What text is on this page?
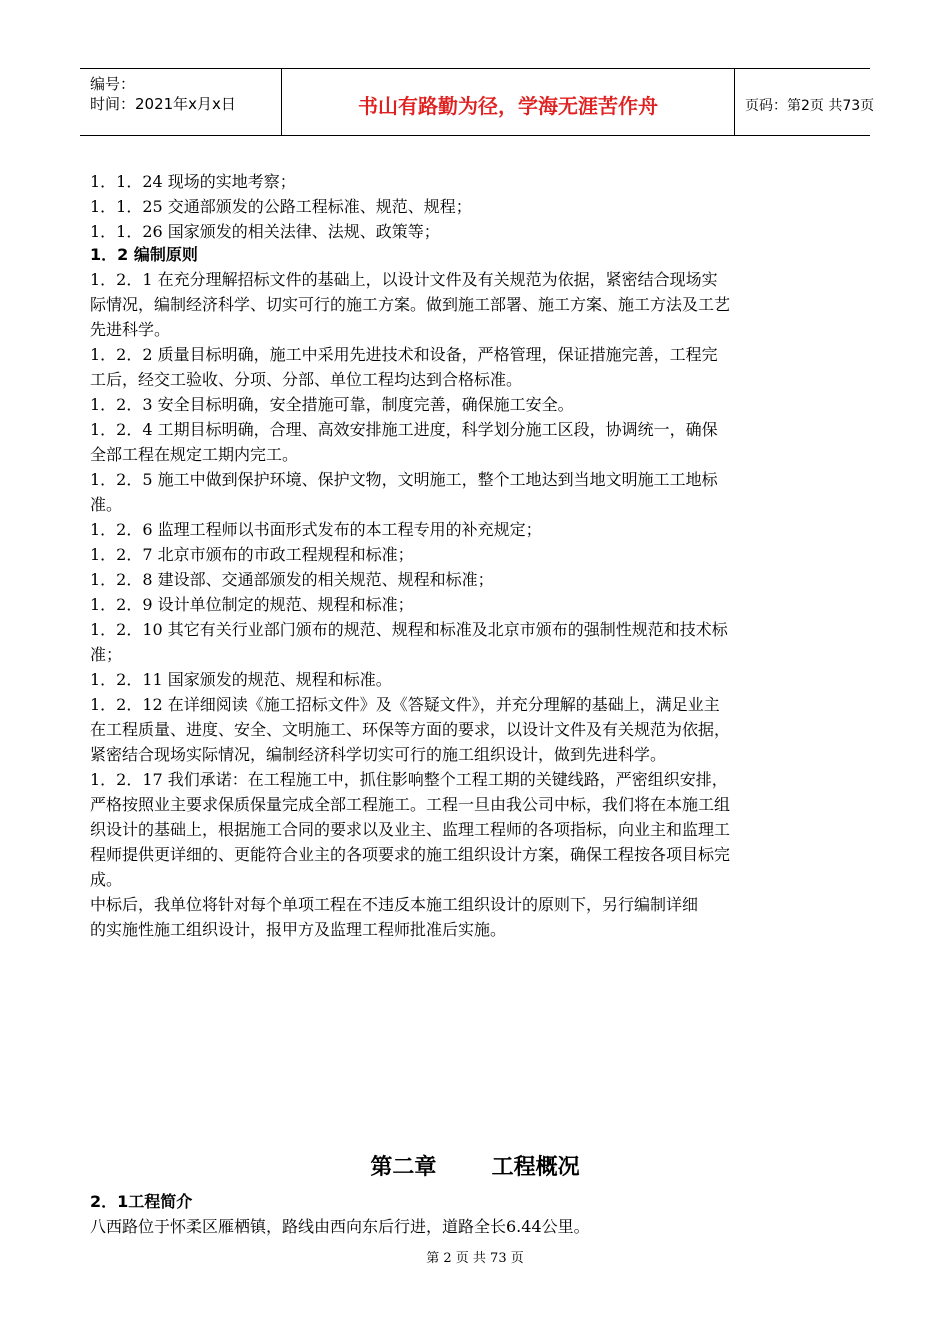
编号：
时间：2021年x月x日	书山有路勤为径，学海无涯苦作舟	页码：第2页 共73页
1．1．24 现场的实地考察；
1．1．25 交通部颁发的公路工程标准、规范、规程；
1．1．26 国家颁发的相关法律、法规、政策等；
1．2 编制原则
1．2．1 在充分理解招标文件的基础上，以设计文件及有关规范为依据，紧密结合现场实
际情况，编制经济科学、切实可行的施工方案。做到施工部署、施工方案、施工方法及工艺
先进科学。
1．2．2 质量目标明确，施工中采用先进技术和设备，严格管理，保证措施完善，工程完
工后，经交工验收、分项、分部、单位工程均达到合格标准。
1．2．3 安全目标明确，安全措施可靠，制度完善，确保施工安全。
1．2．4 工期目标明确，合理、高效安排施工进度，科学划分施工区段，协调统一，确保
全部工程在规定工期内完工。
1．2．5 施工中做到保护环境、保护文物，文明施工，整个工地达到当地文明施工工地标
准。
1．2．6 监理工程师以书面形式发布的本工程专用的补充规定；
1．2．7 北京市颁布的市政工程规程和标准；
1．2．8 建设部、交通部颁发的相关规范、规程和标准；
1．2．9 设计单位制定的规范、规程和标准；
1．2．10 其它有关行业部门颁布的规范、规程和标准及北京市颁布的强制性规范和技术标
准；
1．2．11 国家颁发的规范、规程和标准。
1．2．12 在详细阅读《施工招标文件》及《答疑文件》，并充分理解的基础上，满足业主
在工程质量、进度、安全、文明施工、环保等方面的要求，以设计文件及有关规范为依据，
紧密结合现场实际情况，编制经济科学切实可行的施工组织设计，做到先进科学。
1．2．17 我们承诺：在工程施工中，抓住影响整个工程工期的关键线路，严密组织安排，
严格按照业主要求保质保量完成全部工程施工。工程一旦由我公司中标，我们将在本施工组
织设计的基础上，根据施工合同的要求以及业主、监理工程师的各项指标，向业主和监理工
程师提供更详细的、更能符合业主的各项要求的施工组织设计方案，确保工程按各项目标完
成。
中标后，我单位将针对每个单项工程在不违反本施工组织设计的原则下，另行编制详细
的实施性施工组织设计，报甲方及监理工程师批准后实施。
第二章	工程概况
2．1工程简介
八西路位于怀柔区雁栖镇，路线由西向东后行进，道路全长6.44公里。
第 2 页 共 73 页
